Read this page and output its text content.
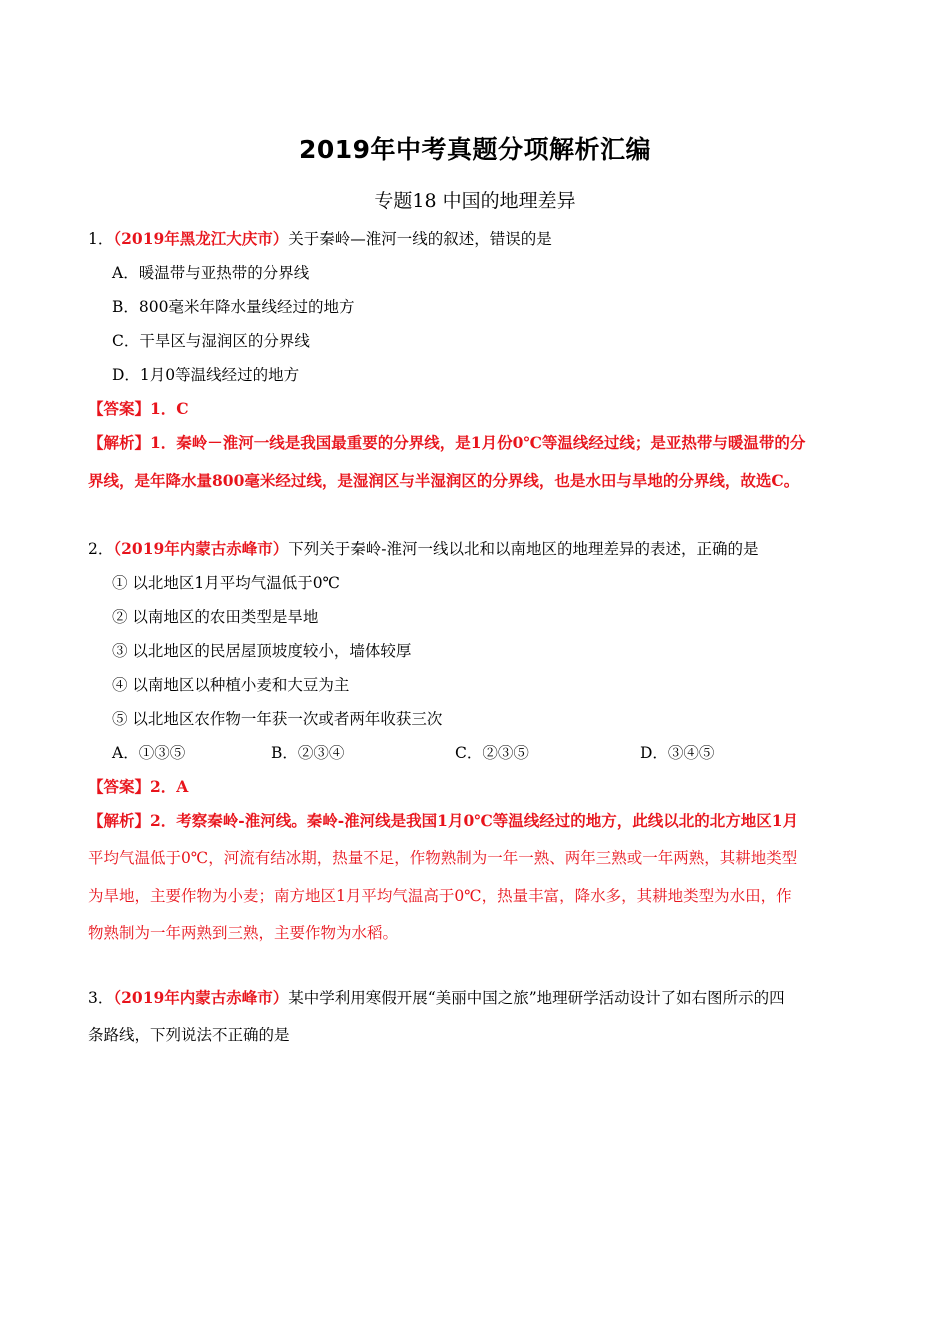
2019年中考真题分项解析汇编
专题18 中国的地理差异
1．（2019年黑龙江大庆市）关于秦岭—淮河一线的叙述，错误的是
A．暖温带与亚热带的分界线
B．800毫米年降水量线经过的地方
C．干旱区与湿润区的分界线
D．1月0等温线经过的地方
【答案】1．C
【解析】1．秦岭－淮河一线是我国最重要的分界线，是1月份0℃等温线经过线；是亚热带与暖温带的分
界线，是年降水量800毫米经过线，是湿润区与半湿润区的分界线，也是水田与旱地的分界线，故选C。
2．（2019年内蒙古赤峰市）下列关于秦岭-淮河一线以北和以南地区的地理差异的表述，正确的是
① 以北地区1月平均气温低于0℃
② 以南地区的农田类型是旱地
③ 以北地区的民居屋顶坡度较小，墙体较厚
④ 以南地区以种植小麦和大豆为主
⑤ 以北地区农作物一年获一次或者两年收获三次
A．①③⑤	B．②③④	C．②③⑤	D．③④⑤
【答案】2．A
【解析】2．考察秦岭-淮河线。秦岭-淮河线是我国1月0℃等温线经过的地方，此线以北的北方地区1月
平均气温低于0℃，河流有结冰期，热量不足，作物熟制为一年一熟、两年三熟或一年两熟，其耕地类型
为旱地，主要作物为小麦；南方地区1月平均气温高于0℃，热量丰富，降水多，其耕地类型为水田，作
物熟制为一年两熟到三熟，主要作物为水稻。
3．（2019年内蒙古赤峰市）某中学利用寒假开展“美丽中国之旅”地理研学活动设计了如右图所示的四
条路线，下列说法不正确的是
